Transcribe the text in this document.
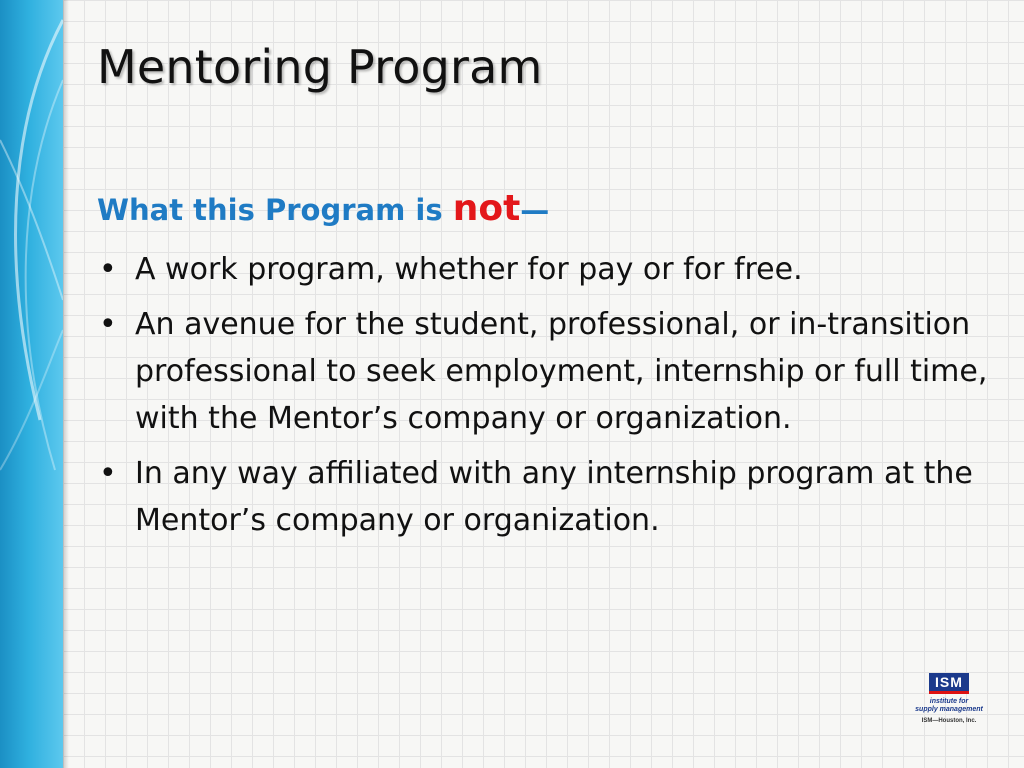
Mentoring Program
What this Program is not—
• A work program, whether for pay or for free.
• An avenue for the student, professional, or in-transition professional to seek employment, internship or full time, with the Mentor’s company or organization.
• In any way affiliated with any internship program at the Mentor’s company or organization.
ISM
institute for
supply management
ISM—Houston, Inc.
